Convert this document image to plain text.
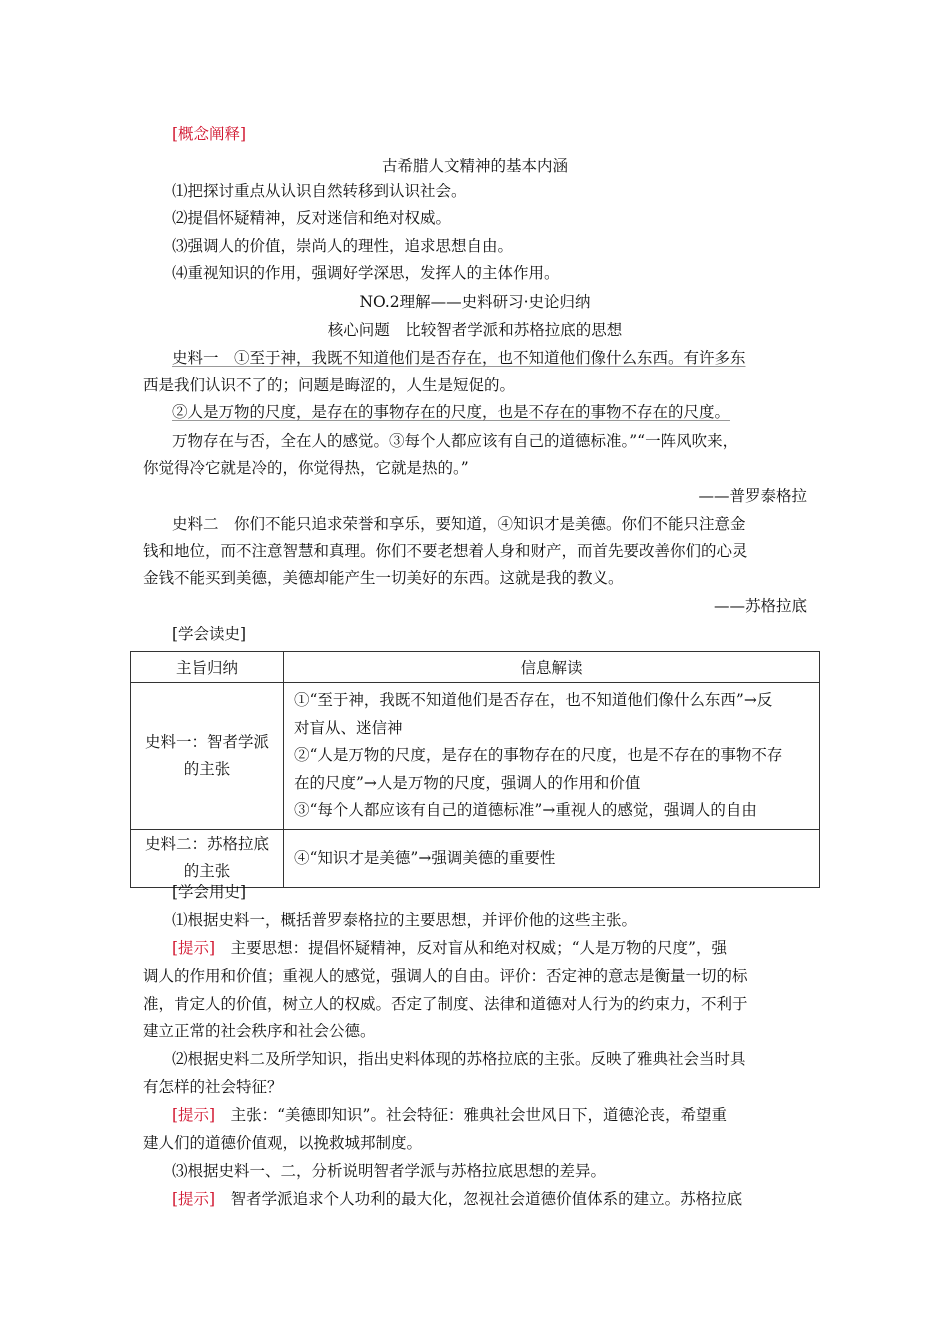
[概念阐释]
古希腊人文精神的基本内涵
⑴把探讨重点从认识自然转移到认识社会。
⑵提倡怀疑精神，反对迷信和绝对权威。
⑶强调人的价值，崇尚人的理性，追求思想自由。
⑷重视知识的作用，强调好学深思，发挥人的主体作用。
NO.2理解——史料研习·史论归纳
核心问题　比较智者学派和苏格拉底的思想
史料一　①至于神，我既不知道他们是否存在，也不知道他们像什么东西。有许多东
西是我们认识不了的；问题是晦涩的，人生是短促的。
②人是万物的尺度，是存在的事物存在的尺度，也是不存在的事物不存在的尺度。
万物存在与否，全在人的感觉。③每个人都应该有自己的道德标准。”“一阵风吹来，
你觉得冷它就是冷的，你觉得热，它就是热的。”
——普罗泰格拉
史料二　你们不能只追求荣誉和享乐，要知道，④知识才是美德。你们不能只注意金
钱和地位，而不注意智慧和真理。你们不要老想着人身和财产，而首先要改善你们的心灵
金钱不能买到美德，美德却能产生一切美好的东西。这就是我的教义。
——苏格拉底
[学会读史]
主旨归纳	信息解读
史料一：智者学派的主张	①“至于神，我既不知道他们是否存在，也不知道他们像什么东西”→反
对盲从、迷信神
②“人是万物的尺度，是存在的事物存在的尺度，也是不存在的事物不存
在的尺度”→人是万物的尺度，强调人的作用和价值
③“每个人都应该有自己的道德标准”→重视人的感觉，强调人的自由

史料二：苏格拉底的主张	④“知识才是美德”→强调美德的重要性
[学会用史]
⑴根据史料一，概括普罗泰格拉的主要思想，并评价他的这些主张。
[提示]　 主要思想：提倡怀疑精神，反对盲从和绝对权威；“人是万物的尺度”，强
调人的作用和价值；重视人的感觉，强调人的自由。评价：否定神的意志是衡量一切的标
准，肯定人的价值，树立人的权威。否定了制度、法律和道德对人行为的约束力，不利于
建立正常的社会秩序和社会公德。
⑵根据史料二及所学知识，指出史料体现的苏格拉底的主张。反映了雅典社会当时具
有怎样的社会特征？
[提示]　 主张：“美德即知识”。社会特征：雅典社会世风日下，道德沦丧，希望重
建人们的道德价值观，以挽救城邦制度。
⑶根据史料一、二，分析说明智者学派与苏格拉底思想的差异。
[提示]　 智者学派追求个人功利的最大化，忽视社会道德价值体系的建立。苏格拉底
